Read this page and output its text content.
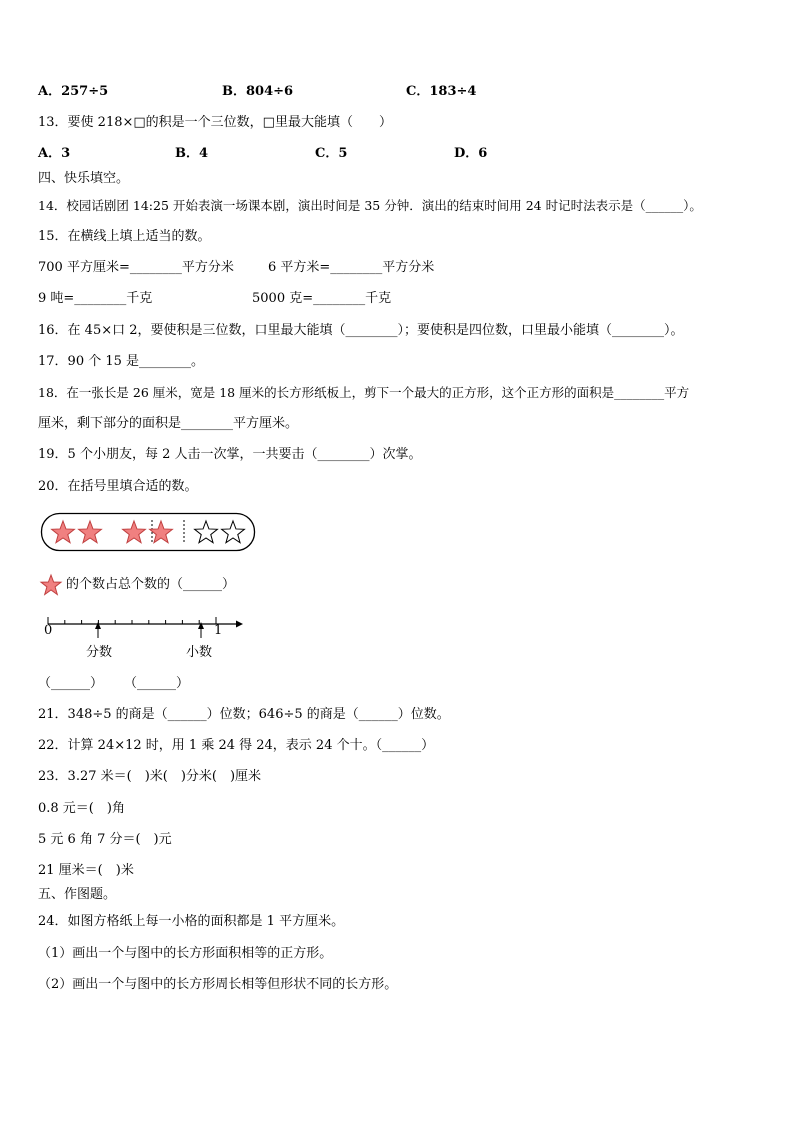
A．257÷5	B．804÷6	C．183÷4
13．要使 218×□的积是一个三位数，□里最大能填（　　）
A．3	B．4	C．5	D．6
四、快乐填空。
14．校园话剧团 14:25 开始表演一场课本剧，演出时间是 35 分钟．演出的结束时间用 24 时记时法表示是（______）。
15．在横线上填上适当的数。
700 平方厘米=________平方分米	6 平方米=________平方分米
9 吨=________千克	5000 克=________千克
16．在 45×口 2，要使积是三位数，口里最大能填（________）；要使积是四位数，口里最小能填（________）。
17．90 个 15 是________。
18．在一张长是 26 厘米，宽是 18 厘米的长方形纸板上，剪下一个最大的正方形，这个正方形的面积是________平方
厘米，剩下部分的面积是________平方厘米。
19．5 个小朋友，每 2 人击一次掌，一共要击（________）次掌。
20．在括号里填合适的数。
的个数占总个数的（______）
0	1
分数	小数
（______） （______）
21．348÷5 的商是（______）位数；646÷5 的商是（______）位数。
22．计算 24×12 时，用 1 乘 24 得 24，表示 24 个十。（______）
23．3.27 米＝(　)米(　)分米(　)厘米
0.8 元＝(　)角
5 元 6 角 7 分＝(　)元
21 厘米＝(　)米
五、作图题。
24．如图方格纸上每一小格的面积都是 1 平方厘米。
（1）画出一个与图中的长方形面积相等的正方形。
（2）画出一个与图中的长方形周长相等但形状不同的长方形。
